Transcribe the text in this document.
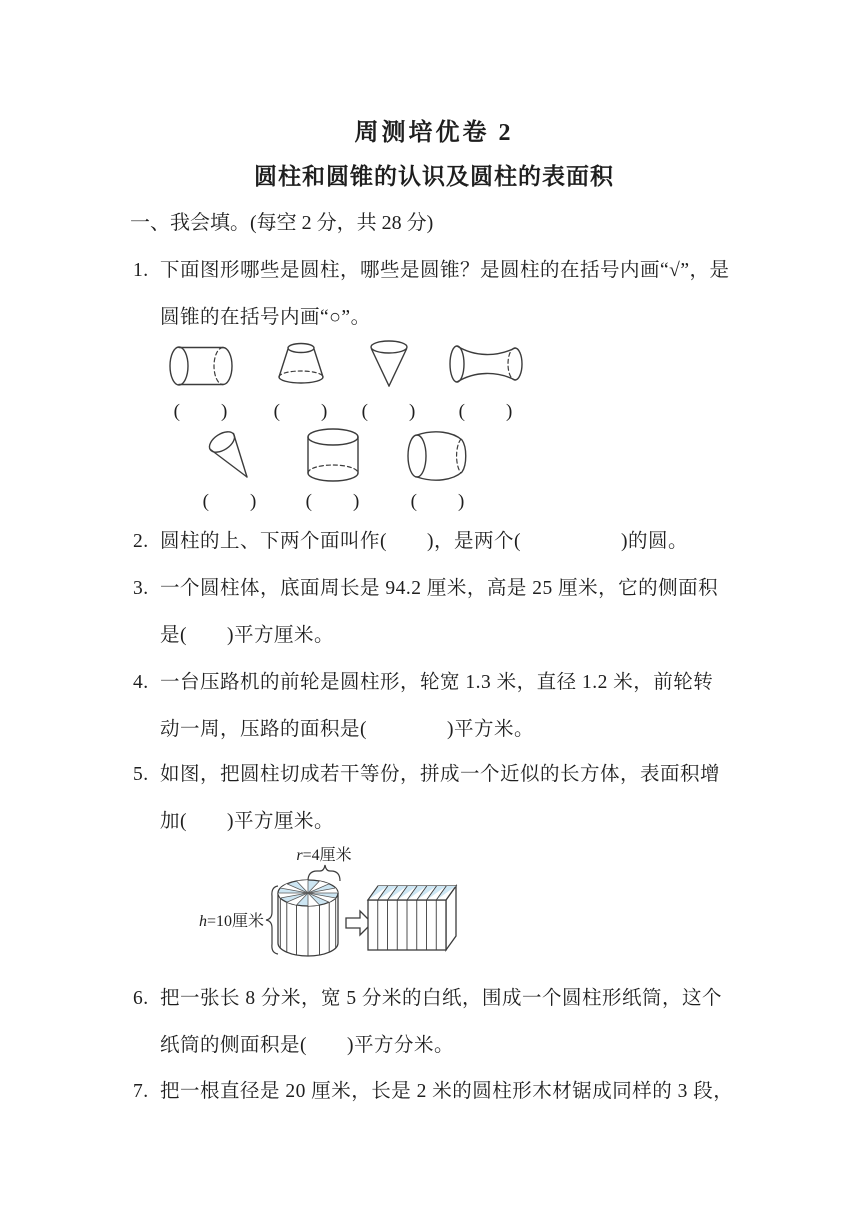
周测培优卷 2
圆柱和圆锥的认识及圆柱的表面积
一、我会填。(每空 2 分，共 28 分)
1. 下面图形哪些是圆柱，哪些是圆锥？是圆柱的在括号内画“√”，是
圆锥的在括号内画“○”。
(　　) (　　) (　　) (　　)
(　　)	(　　)	(　　)
2. 圆柱的上、下两个面叫作(　　)，是两个(　　　　　)的圆。
3. 一个圆柱体，底面周长是 94.2 厘米，高是 25 厘米，它的侧面积
是(　　)平方厘米。
4. 一台压路机的前轮是圆柱形，轮宽 1.3 米，直径 1.2 米，前轮转
动一周，压路的面积是(　　　　)平方米。
5. 如图，把圆柱切成若干等份，拼成一个近似的长方体，表面积增
加(　　)平方厘米。
r=4厘米
h=10厘米
6. 把一张长 8 分米，宽 5 分米的白纸，围成一个圆柱形纸筒，这个
纸筒的侧面积是(　　)平方分米。
7. 把一根直径是 20 厘米，长是 2 米的圆柱形木材锯成同样的 3 段，
